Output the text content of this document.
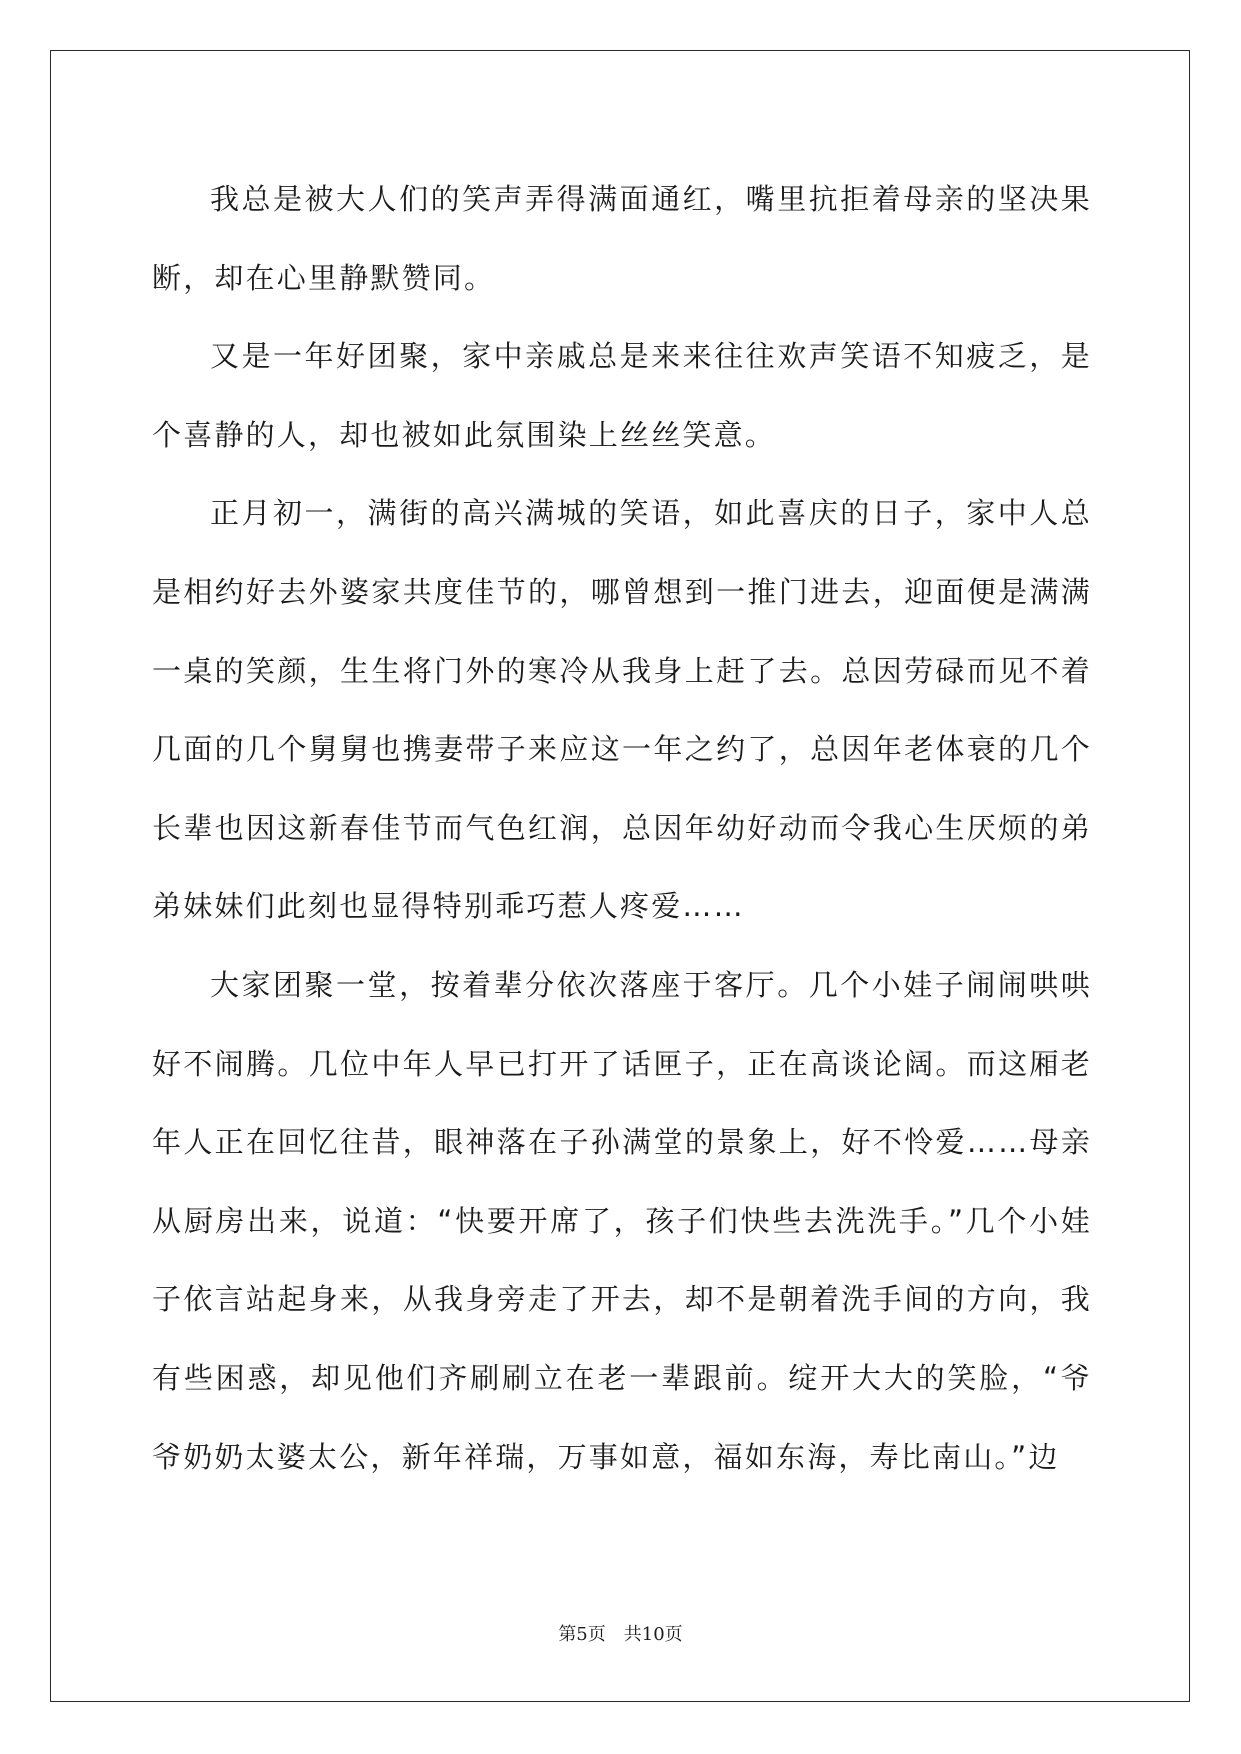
我总是被大人们的笑声弄得满面通红，嘴里抗拒着母亲的坚决果断，却在心里静默赞同。

又是一年好团聚，家中亲戚总是来来往往欢声笑语不知疲乏，是个喜静的人，却也被如此氛围染上丝丝笑意。

正月初一，满街的高兴满城的笑语，如此喜庆的日子，家中人总是相约好去外婆家共度佳节的，哪曾想到一推门进去，迎面便是满满一桌的笑颜，生生将门外的寒冷从我身上赶了去。总因劳碌而见不着几面的几个舅舅也携妻带子来应这一年之约了，总因年老体衰的几个长辈也因这新春佳节而气色红润，总因年幼好动而令我心生厌烦的弟弟妹妹们此刻也显得特别乖巧惹人疼爱……

大家团聚一堂，按着辈分依次落座于客厅。几个小娃子闹闹哄哄好不闹腾。几位中年人早已打开了话匣子，正在高谈论阔。而这厢老年人正在回忆往昔，眼神落在子孙满堂的景象上，好不怜爱……母亲从厨房出来，说道：“快要开席了，孩子们快些去洗洗手。”几个小娃子依言站起身来，从我身旁走了开去，却不是朝着洗手间的方向，我有些困惑，却见他们齐刷刷立在老一辈跟前。绽开大大的笑脸，“爷爷奶奶太婆太公，新年祥瑞，万事如意，福如东海，寿比南山。”边

第5页　共10页
